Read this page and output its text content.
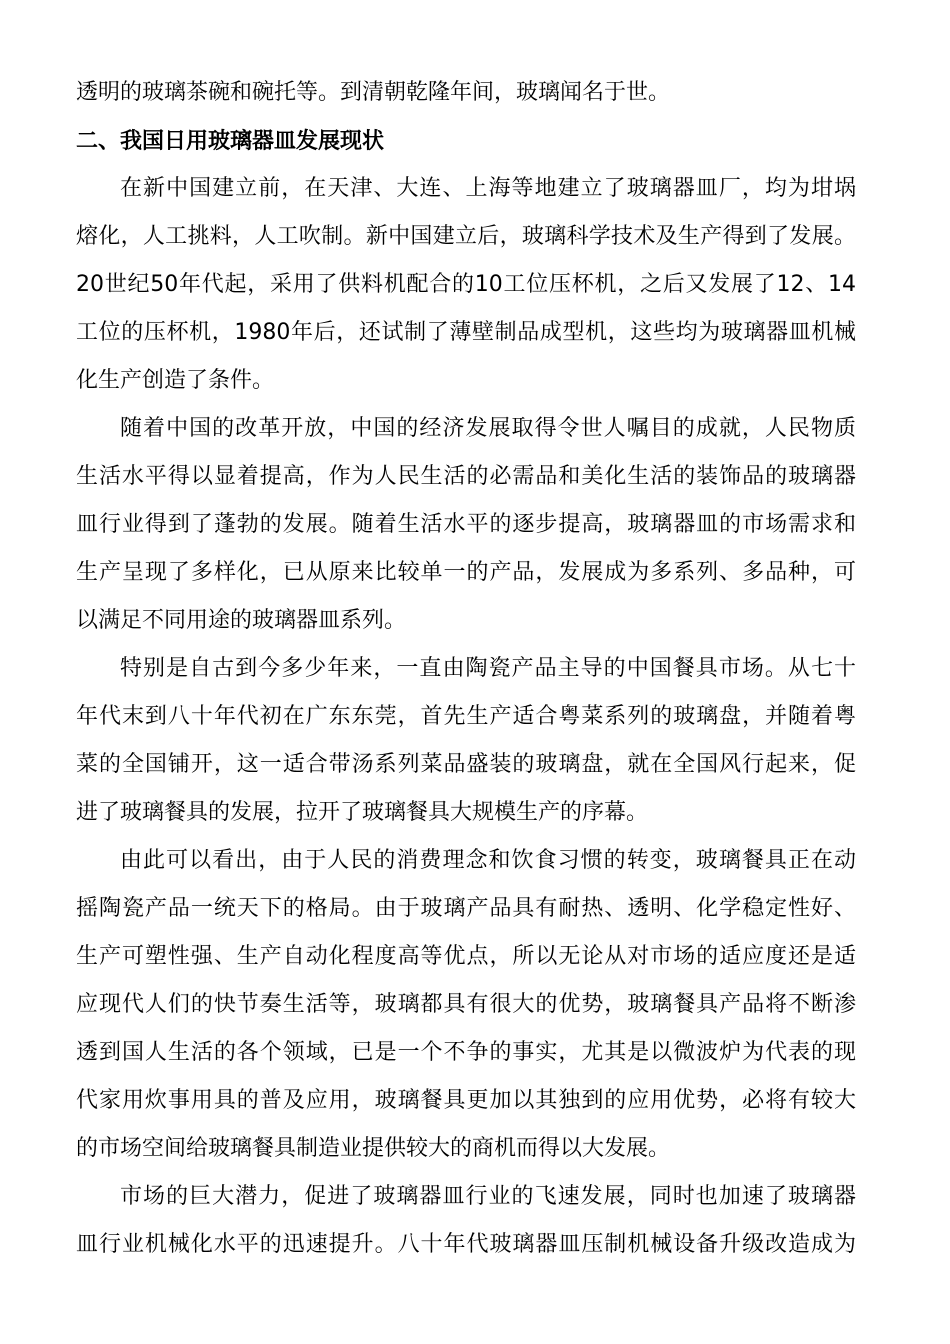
透明的玻璃茶碗和碗托等。到清朝乾隆年间，玻璃闻名于世。
二、我国日用玻璃器皿发展现状
在新中国建立前，在天津、大连、上海等地建立了玻璃器皿厂，均为坩埚
熔化，人工挑料，人工吹制。新中国建立后，玻璃科学技术及生产得到了发展。
20世纪50年代起，采用了供料机配合的10工位压杯机，之后又发展了12、14
工位的压杯机，1980年后，还试制了薄壁制品成型机，这些均为玻璃器皿机械
化生产创造了条件。
随着中国的改革开放，中国的经济发展取得令世人嘱目的成就，人民物质
生活水平得以显着提高，作为人民生活的必需品和美化生活的装饰品的玻璃器
皿行业得到了蓬勃的发展。随着生活水平的逐步提高，玻璃器皿的市场需求和
生产呈现了多样化，已从原来比较单一的产品，发展成为多系列、多品种，可
以满足不同用途的玻璃器皿系列。
特别是自古到今多少年来，一直由陶瓷产品主导的中国餐具市场。从七十
年代末到八十年代初在广东东莞，首先生产适合粤菜系列的玻璃盘，并随着粤
菜的全国铺开，这一适合带汤系列菜品盛装的玻璃盘，就在全国风行起来，促
进了玻璃餐具的发展，拉开了玻璃餐具大规模生产的序幕。
由此可以看出，由于人民的消费理念和饮食习惯的转变，玻璃餐具正在动
摇陶瓷产品一统天下的格局。由于玻璃产品具有耐热、透明、化学稳定性好、
生产可塑性强、生产自动化程度高等优点，所以无论从对市场的适应度还是适
应现代人们的快节奏生活等，玻璃都具有很大的优势，玻璃餐具产品将不断渗
透到国人生活的各个领域，已是一个不争的事实，尤其是以微波炉为代表的现
代家用炊事用具的普及应用，玻璃餐具更加以其独到的应用优势，必将有较大
的市场空间给玻璃餐具制造业提供较大的商机而得以大发展。
市场的巨大潜力，促进了玻璃器皿行业的飞速发展，同时也加速了玻璃器
皿行业机械化水平的迅速提升。八十年代玻璃器皿压制机械设备升级改造成为
